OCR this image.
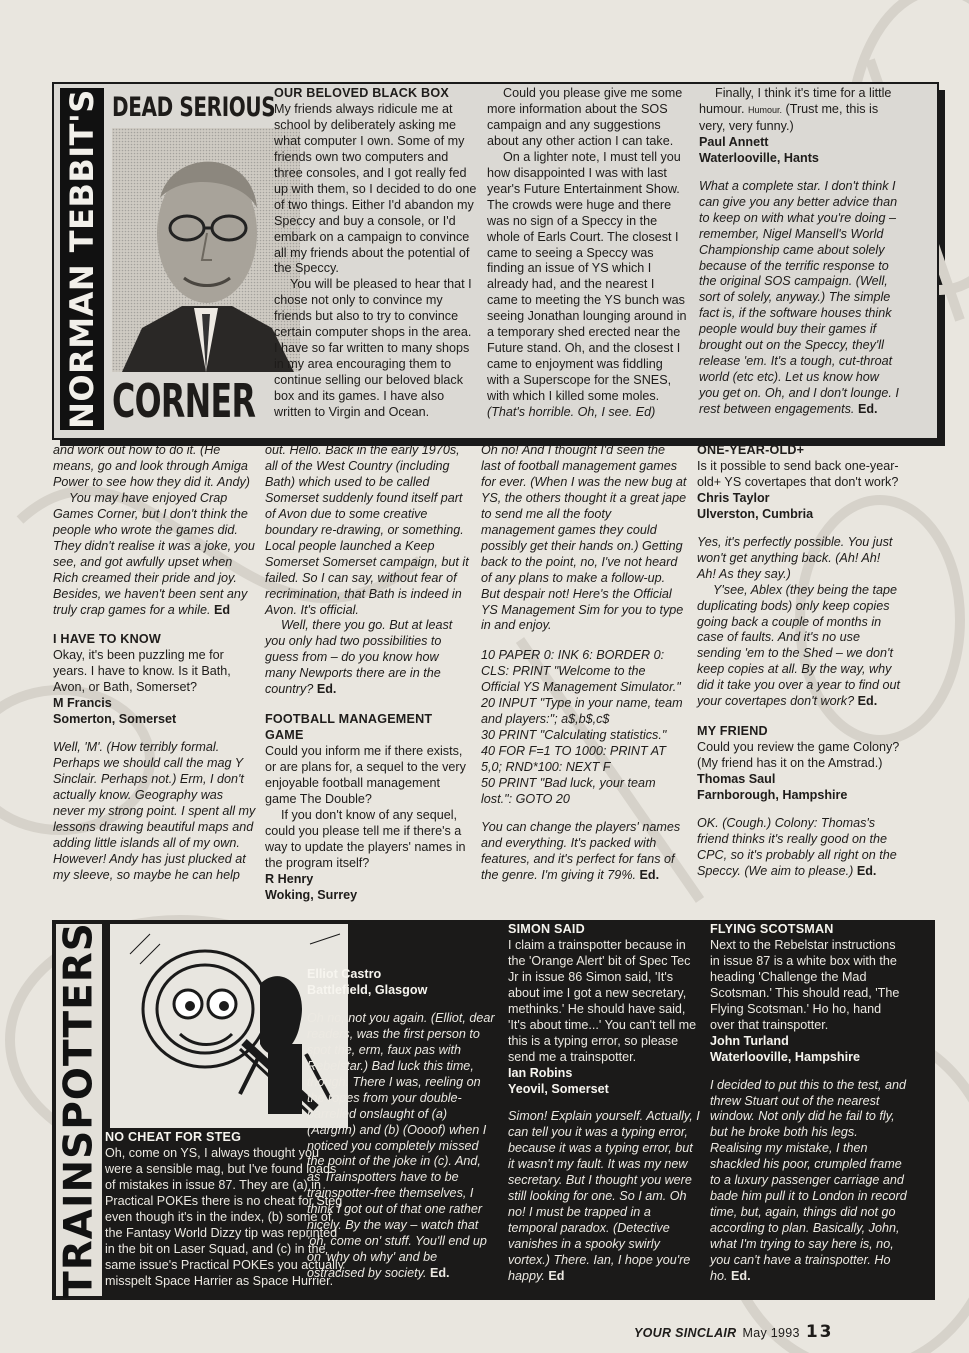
NORMAN TEBBIT'S DEAD SERIOUS
CORNER
OUR BELOVED BLACK BOX

My friends always ridicule me at school by deliberately asking me what computer I own. Some of my friends own two computers and three consoles, and I got really fed up with them, so I decided to do one of two things. Either I'd abandon my Speccy and buy a console, or I'd embark on a campaign to convince all my friends about the potential of the Speccy.

You will be pleased to hear that I chose not only to convince my friends but also to try to convince certain computer shops in the area. I have so far written to many shops in my area encouraging them to continue selling our beloved black box and its games. I have also written to Virgin and Ocean.

Could you please give me some more information about the SOS campaign and any suggestions about any other action I can take.

On a lighter note, I must tell you how disappointed I was with last year's Future Entertainment Show. The crowds were huge and there was no sign of a Speccy in the whole of Earls Court. The closest I came to seeing a Speccy was finding an issue of YS which I already had, and the nearest I came to meeting the YS bunch was seeing Jonathan lounging around in a temporary shed erected near the Future stand. Oh, and the closest I came to enjoyment was fiddling with a Superscope for the SNES, with which I killed some moles. (That's horrible. Oh, I see. Ed)

Finally, I think it's time for a little humour. Humour. (Trust me, this is very, very funny.)

Paul Annett
Waterlooville, Hants

What a complete star. I don't think I can give you any better advice than to keep on with what you're doing – remember, Nigel Mansell's World Championship came about solely because of the terrific response to the original SOS campaign. (Well, sort of solely, anyway.) The simple fact is, if the software houses think people would buy their games if brought out on the Speccy, they'll release 'em. It's a tough, cut-throat world (etc etc). Let us know how you get on. Oh, and I don't lounge. I rest between engagements. Ed.

and work out how to do it. (He means, go and look through Amiga Power to see how they did it. Andy)

You may have enjoyed Crap Games Corner, but I don't think the people who wrote the games did. They didn't realise it was a joke, you see, and got awfully upset when Rich creamed their pride and joy. Besides, we haven't been sent any truly crap games for a while. Ed

I HAVE TO KNOW

Okay, it's been puzzling me for years. I have to know. Is it Bath, Avon, or Bath, Somerset?

M Francis
Somerton, Somerset

Well, 'M'. (How terribly formal. Perhaps we should call the mag Y Sinclair. Perhaps not.) Erm, I don't actually know. Geography was never my strong point. I spent all my lessons drawing beautiful maps and adding little islands all of my own. However! Andy has just plucked at my sleeve, so maybe he can help

out. Hello. Back in the early 1970s, all of the West Country (including Bath) which used to be called Somerset suddenly found itself part of Avon due to some creative boundary re-drawing, or something. Local people launched a Keep Somerset Somerset campaign, but it failed. So I can say, without fear of recrimination, that Bath is indeed in Avon. It's official.

Well, there you go. But at least you only had two possibilities to guess from – do you know how many Newports there are in the country? Ed.

FOOTBALL MANAGEMENT GAME

Could you inform me if there exists, or are plans for, a sequel to the very enjoyable football management game The Double?

If you don't know of any sequel, could you please tell me if there's a way to update the players' names in the program itself?

R Henry
Woking, Surrey

Oh no! And I thought I'd seen the last of football management games for ever. (When I was the new bug at YS, the others thought it a great jape to send me all the footy management games they could possibly get their hands on.) Getting back to the point, no, I've not heard of any plans to make a follow-up. But despair not! Here's the Official YS Management Sim for you to type in and enjoy.

10 PAPER 0: INK 6: BORDER 0: CLS: PRINT "Welcome to the Official YS Management Simulator."
20 INPUT "Type in your name, team and players:"; a$,b$,c$
30 PRINT "Calculating statistics."
40 FOR F=1 TO 1000: PRINT AT 5,0; RND*100: NEXT F
50 PRINT "Bad luck, your team lost.": GOTO 20

You can change the players' names and everything. It's packed with features, and it's perfect for fans of the genre. I'm giving it 79%. Ed.

ONE-YEAR-OLD+

Is it possible to send back one-year-old+ YS covertapes that don't work?

Chris Taylor
Ulverston, Cumbria

Yes, it's perfectly possible. You just won't get anything back. (Ah! Ah! Ah! As they say.)

Y'see, Ablex (they being the tape duplicating bods) only keep copies going back a couple of months in case of faults. And it's no use sending 'em to the Shed – we don't keep copies at all. By the way, why did it take you over a year to find out your covertapes don't work? Ed.

MY FRIEND

Could you review the game Colony? (My friend has it on the Amstrad.)

Thomas Saul
Farnborough, Hampshire

OK. (Cough.) Colony: Thomas's friend thinks it's really good on the CPC, so it's probably all right on the Speccy. (We aim to please.) Ed.

TRAINSPOTTERS NO CHEAT FOR STEG

Oh, come on YS, I always thought you were a sensible mag, but I've found loads of mistakes in issue 87. They are (a) in Practical POKEs there is no cheat for Steg even though it's in the index, (b) some of the Fantasy World Dizzy tip was reprinted in the bit on Laser Squad, and (c) in the same issue's Practical POKEs you actually misspelt Space Harrier as Space Hurrier.

Elliot Castro
Battlefield, Glasgow

Oh no, not you again. (Elliot, dear readers, was the first person to spot the, erm, faux pas with Rebelstar.) Bad luck this time, though. There I was, reeling on the ropes from your double-barrelled onslaught of (a) (Aarghh) and (b) (Oooof) when I noticed you completely missed the point of the joke in (c). And, as Trainspotters have to be trainspotter-free themselves, I think I got out of that one rather nicely. By the way – watch that 'oh, come on' stuff. You'll end up on 'why oh why' and be ostracised by society. Ed.

SIMON SAID

I claim a trainspotter because in the 'Orange Alert' bit of Spec Tec Jr in issue 86 Simon said, 'It's about ime I got a new secretary, methinks.' He should have said, 'It's about time...' You can't tell me this is a typing error, so please send me a trainspotter.

Ian Robins
Yeovil, Somerset

Simon! Explain yourself. Actually, I can tell you it was a typing error, because it was a typing error, but it wasn't my fault. It was my new secretary. But I thought you were still looking for one. So I am. Oh no! I must be trapped in a temporal paradox. (Detective vanishes in a spooky swirly vortex.) There. Ian, I hope you're happy. Ed

FLYING SCOTSMAN

Next to the Rebelstar instructions in issue 87 is a white box with the heading 'Challenge the Mad Scotsman.' This should read, 'The Flying Scotsman.' Ho ho, hand over that trainspotter.

John Turland
Waterlooville, Hampshire

I decided to put this to the test, and threw Stuart out of the nearest window. Not only did he fail to fly, but he broke both his legs. Realising my mistake, I then shackled his poor, crumpled frame to a luxury passenger carriage and bade him pull it to London in record time, but, again, things did not go according to plan. Basically, John, what I'm trying to say here is, no, you can't have a trainspotter. Ho ho. Ed.

YOUR SINCLAIR May 1993 13
